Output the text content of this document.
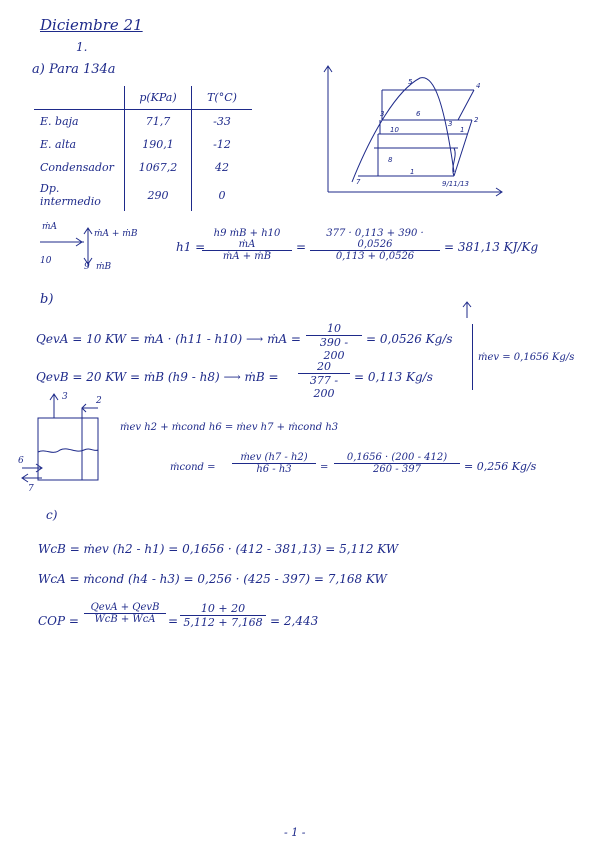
Diciembre 21
1.
a) Para 134a
	p(KPa)	T(°C)
E. baja	71,7	-33
E. alta	190,1	-12
Condensador	1067,2	42
Dp. intermedio	290	0
5	4
3	6
3	2
10	1
8
7
1
9/11/13
ṁA
ṁA + ṁB
10
9 ṁB
h1 =
$\frac{\text{h9 ṁB + h10 ṁA}}{\text{ṁA + ṁB}} = \frac{377 \cdot 0,113 + 390 \cdot 0,0526}{0,113 + 0,0526} = 381,13$ KJ/Kg
b)
QevA = 10 KW = ṁA · (h11 - h10) ⟶ ṁA = $\frac{10}{390 - 200} = 0,0526$ Kg/s
QevB = 20 KW = ṁB (h9 - h8) ⟶ ṁB = $\frac{20}{377 - 200} = 0,113$ Kg/s
ṁev = 0,1656 Kg/s
3	2
6
7
ṁev h2 + ṁcond h6 = ṁev h7 + ṁcond h3
ṁcond =
ṁev (h7 - h2)
h6 - h3	= $\frac{0,1656 \cdot (200 - 412)}{260 - 397} = 0,256$ Kg/s
c)
WcB = ṁev (h2 - h1) = 0,1656 · (412 - 381,13) = 5,112 KW
WcA = ṁcond (h4 - h3) = 0,256 · (425 - 397) = 7,168 KW
COP =
QevA + QevB
WcB + WcA	= $\frac{10 + 20}{5,112 + 7,168} = 2,443$
- 1 -
